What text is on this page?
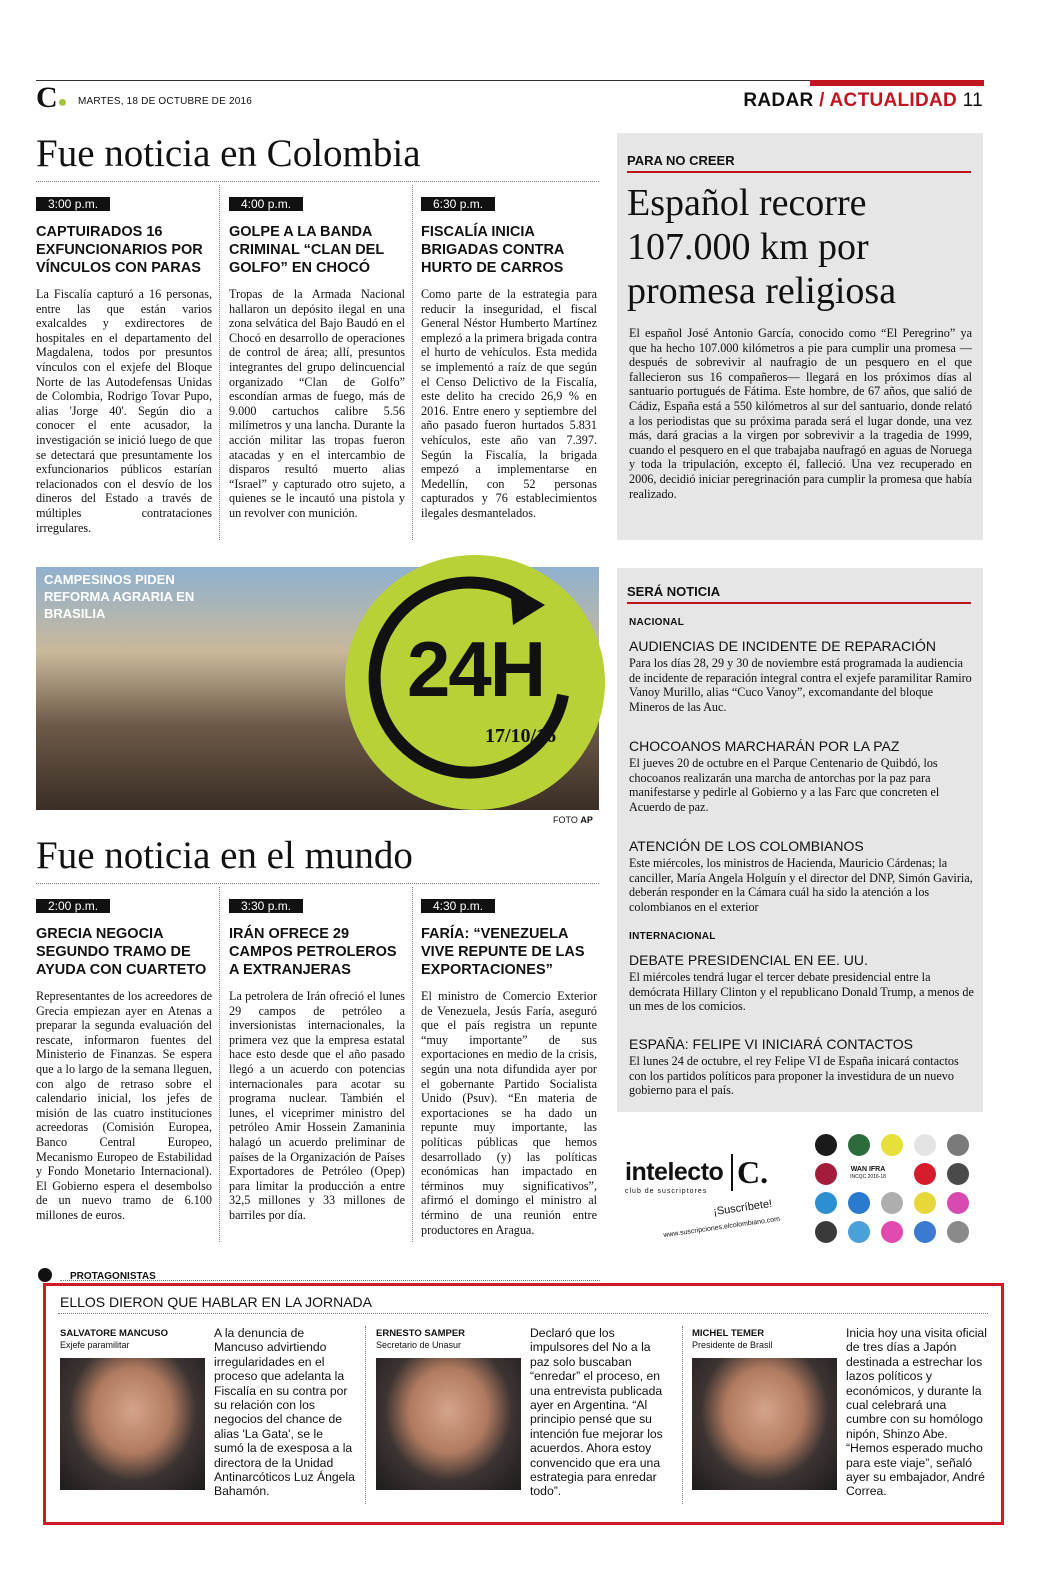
C● MARTES, 18 DE OCTUBRE DE 2016	RADAR / ACTUALIDAD 11
Fue noticia en Colombia
3:00 p.m.
CAPTUIRADOS 16 EXFUNCIONARIOS POR VÍNCULOS CON PARAS

La Fiscalía capturó a 16 personas, entre las que están varios exalcaldes y exdirectores de hospitales en el departamento del Magdalena, todos por presuntos vínculos con el exjefe del Bloque Norte de las Autodefensas Unidas de Colombia, Rodrigo Tovar Pupo, alias 'Jorge 40'. Según dio a conocer el ente acusador, la investigación se inició luego de que se detectará que presuntamente los exfuncionarios públicos estarían relacionados con el desvío de los dineros del Estado a través de múltiples contrataciones irregulares.

4:00 p.m.
GOLPE A LA BANDA CRIMINAL “CLAN DEL GOLFO” EN CHOCÓ

Tropas de la Armada Nacional hallaron un depósito ilegal en una zona selvática del Bajo Baudó en el Chocó en desarrollo de operaciones de control de área; allí, presuntos integrantes del grupo delincuencial organizado “Clan de Golfo” escondían armas de fuego, más de 9.000 cartuchos calibre 5.56 milímetros y una lancha. Durante la acción militar las tropas fueron atacadas y en el intercambio de disparos resultó muerto alias “Israel” y capturado otro sujeto, a quienes se le incautó una pistola y un revolver con munición.

6:30 p.m.
FISCALÍA INICIA BRIGADAS CONTRA HURTO DE CARROS

Como parte de la estrategia para reducir la inseguridad, el fiscal General Néstor Humberto Martínez emplezó a la primera brigada contra el hurto de vehículos. Esta medida se implementó a raíz de que según el Censo Delictivo de la Fiscalía, este delito ha crecido 26,9 % en 2016. Entre enero y septiembre del año pasado fueron hurtados 5.831 vehículos, este año van 7.397. Según la Fiscalía, la brigada empezó a implementarse en Medellín, con 52 personas capturados y 76 establecimientos ilegales desmantelados.

PARA NO CREER
Español recorre 107.000 km por promesa religiosa

El español José Antonio García, conocido como “El Peregrino” ya que ha hecho 107.000 kilómetros a pie para cumplir una promesa —después de sobrevivir al naufragio de un pesquero en el que fallecieron sus 16 compañeros— llegará en los próximos días al santuario portugués de Fátima. Este hombre, de 67 años, que salió de Cádiz, España está a 550 kilómetros al sur del santuario, donde relató a los periodistas que su próxima parada será el lugar donde, una vez más, dará gracias a la virgen por sobrevivir a la tragedia de 1999, cuando el pesquero en el que trabajaba naufragó en aguas de Noruega y toda la tripulación, excepto él, falleció. Una vez recuperado en 2006, decidió iniciar peregrinación para cumplir la promesa que había realizado.

CAMPESINOS PIDEN REFORMA AGRARIA EN BRASILIA
24H
17/10/16
FOTO AP
SERÁ NOTICIA
NACIONAL
AUDIENCIAS DE INCIDENTE DE REPARACIÓN

Para los días 28, 29 y 30 de noviembre está programada la audiencia de incidente de reparación integral contra el exjefe paramilitar Ramiro Vanoy Murillo, alias “Cuco Vanoy”, excomandante del bloque Mineros de las Auc.

CHOCOANOS MARCHARÁN POR LA PAZ

El jueves 20 de octubre en el Parque Centenario de Quibdó, los chocoanos realizarán una marcha de antorchas por la paz para manifestarse y pedirle al Gobierno y a las Farc que concreten el Acuerdo de paz.

ATENCIÓN DE LOS COLOMBIANOS

Este miércoles, los ministros de Hacienda, Mauricio Cárdenas; la canciller, María Angela Holguín y el director del DNP, Simón Gaviria, deberán responder en la Cámara cuál ha sido la atención a los colombianos en el exterior

INTERNACIONAL
DEBATE PRESIDENCIAL EN EE. UU.

El miércoles tendrá lugar el tercer debate presidencial entre la demócrata Hillary Clinton y el republicano Donald Trump, a menos de un mes de los comicios.

ESPAÑA: FELIPE VI INICIARÁ CONTACTOS

El lunes 24 de octubre, el rey Felipe VI de España inicará contactos con los partidos políticos para proponer la investidura de un nuevo gobierno para el país.

Fue noticia en el mundo
2:00 p.m.
GRECIA NEGOCIA SEGUNDO TRAMO DE AYUDA CON CUARTETO

Representantes de los acreedores de Grecia empiezan ayer en Atenas a preparar la segunda evaluación del rescate, informaron fuentes del Ministerio de Finanzas. Se espera que a lo largo de la semana lleguen, con algo de retraso sobre el calendario inicial, los jefes de misión de las cuatro instituciones acreedoras (Comisión Europea, Banco Central Europeo, Mecanismo Europeo de Estabilidad y Fondo Monetario Internacional). El Gobierno espera el desembolso de un nuevo tramo de 6.100 millones de euros.

3:30 p.m.
IRÁN OFRECE 29 CAMPOS PETROLEROS A EXTRANJERAS

La petrolera de Irán ofreció el lunes 29 campos de petróleo a inversionistas internacionales, la primera vez que la empresa estatal hace esto desde que el año pasado llegó a un acuerdo con potencias internacionales para acotar su programa nuclear. También el lunes, el viceprimer ministro del petróleo Amir Hossein Zamaninia halagó un acuerdo preliminar de países de la Organización de Países Exportadores de Petróleo (Opep) para limitar la producción a entre 32,5 millones y 33 millones de barriles por día.

4:30 p.m.
FARÍA: “VENEZUELA VIVE REPUNTE DE LAS EXPORTACIONES”

El ministro de Comercio Exterior de Venezuela, Jesús Faría, aseguró que el país registra un repunte “muy importante” de sus exportaciones en medio de la crisis, según una nota difundida ayer por el gobernante Partido Socialista Unido (Psuv). “En materia de exportaciones se ha dado un repunte muy importante, las políticas públicas que hemos desarrollado (y) las políticas económicas han impactado en términos muy significativos”, afirmó el domingo el ministro al término de una reunión entre productores en Aragua.

intelecto C.
club de suscriptores
¡Suscríbete!
www.suscripciones.elcolombiano.com
WAN IFRA
INCQC 2016-18
PROTAGONISTAS
ELLOS DIERON QUE HABLAR EN LA JORNADA
SALVATORE MANCUSO
Exjefe paramilitar

A la denuncia de Mancuso advirtiendo irregularidades en el proceso que adelanta la Fiscalía en su contra por su relación con los negocios del chance de alias 'La Gata', se le sumó la de exesposa a la directora de la Unidad Antinarcóticos Luz Ángela Bahamón.

ERNESTO SAMPER
Secretario de Unasur

Declaró que los impulsores del No a la paz solo buscaban “enredar” el proceso, en una entrevista publicada ayer en Argentina. “Al principio pensé que su intención fue mejorar los acuerdos. Ahora estoy convencido que era una estrategia para enredar todo”.

MICHEL TEMER
Presidente de Brasil

Inicia hoy una visita oficial de tres días a Japón destinada a estrechar los lazos políticos y económicos, y durante la cual celebrará una cumbre con su homólogo nipón, Shinzo Abe. “Hemos esperado mucho para este viaje”, señaló ayer su embajador, André Correa.
